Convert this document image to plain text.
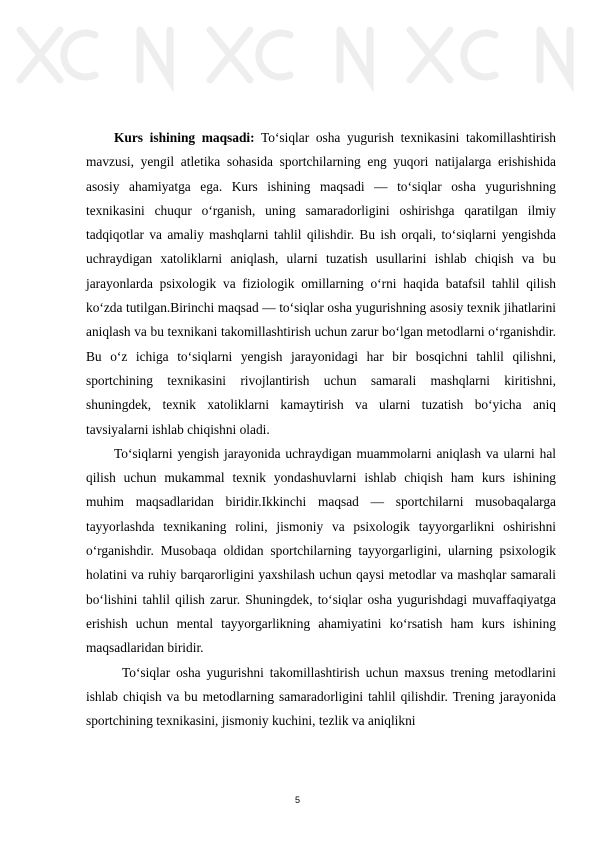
Kurs ishining maqsadi: To‘siqlar osha yugurish texnikasini takomillashtirish mavzusi, yengil atletika sohasida sportchilarning eng yuqori natijalarga erishishida asosiy ahamiyatga ega. Kurs ishining maqsadi — to‘siqlar osha yugurishning texnikasini chuqur o‘rganish, uning samaradorligini oshirishga qaratilgan ilmiy tadqiqotlar va amaliy mashqlarni tahlil qilishdir. Bu ish orqali, to‘siqlarni yengishda uchraydigan xatoliklarni aniqlash, ularni tuzatish usullarini ishlab chiqish va bu jarayonlarda psixologik va fiziologik omillarning o‘rni haqida batafsil tahlil qilish ko‘zda tutilgan.Birinchi maqsad — to‘siqlar osha yugurishning asosiy texnik jihatlarini aniqlash va bu texnikani takomillashtirish uchun zarur bo‘lgan metodlarni o‘rganishdir. Bu o‘z ichiga to‘siqlarni yengish jarayonidagi har bir bosqichni tahlil qilishni, sportchining texnikasini rivojlantirish uchun samarali mashqlarni kiritishni, shuningdek, texnik xatoliklarni kamaytirish va ularni tuzatish bo‘yicha aniq tavsiyalarni ishlab chiqishni oladi.

To‘siqlarni yengish jarayonida uchraydigan muammolarni aniqlash va ularni hal qilish uchun mukammal texnik yondashuvlarni ishlab chiqish ham kurs ishining muhim maqsadlaridan biridir.Ikkinchi maqsad — sportchilarni musobaqalarga tayyorlashda texnikaning rolini, jismoniy va psixologik tayyorgarlikni oshirishni o‘rganishdir. Musobaqa oldidan sportchilarning tayyorgarligini, ularning psixologik holatini va ruhiy barqarorligini yaxshilash uchun qaysi metodlar va mashqlar samarali bo‘lishini tahlil qilish zarur. Shuningdek, to‘siqlar osha yugurishdagi muvaffaqiyatga erishish uchun mental tayyorgarlikning ahamiyatini ko‘rsatish ham kurs ishining maqsadlaridan biridir.

To‘siqlar osha yugurishni takomillashtirish uchun maxsus trening metodlarini ishlab chiqish va bu metodlarning samaradorligini tahlil qilishdir. Trening jarayonida sportchining texnikasini, jismoniy kuchini, tezlik va aniqlikni

5
